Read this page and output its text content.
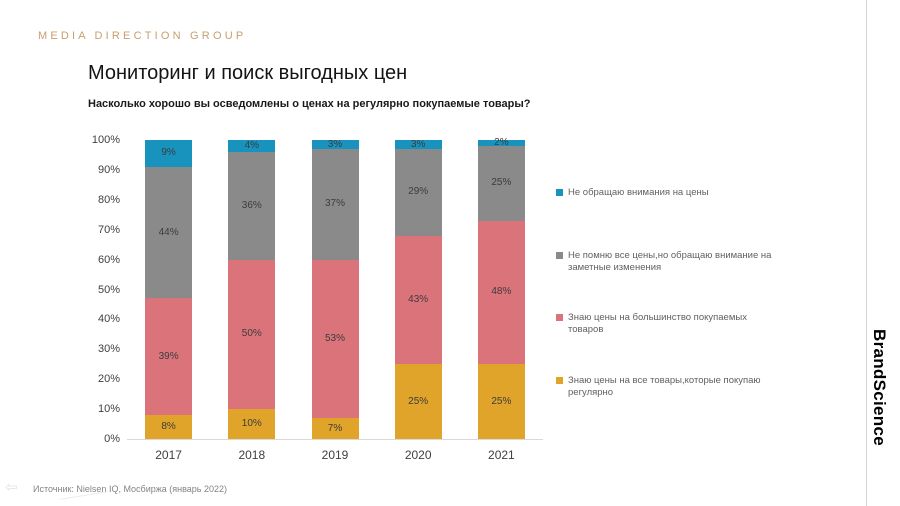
MEDIA DIRECTION GROUP
Мониторинг и поиск выгодных цен
Насколько хорошо вы осведомлены о ценах на регулярно покупаемые товары?
0%
10%
20%
30%
40%
50%
60%
70%
80%
90%
100%
8%
39%
44%
9%
10%
50%
36%
4%
7%
53%
37%
3%
25%
43%
29%
3%
25%
48%
25%
2%
2017	2018	2019	2020	2021
Не обращаю внимания на цены
Не помню все цены,но обращаю внимание на заметные изменения
Знаю цены на большинство покупаемых товаров
Знаю цены на все товары,которые покупаю регулярно	BrandScience
Источник: Nielsen IQ, Мосбиржа (январь 2022)
⇦
